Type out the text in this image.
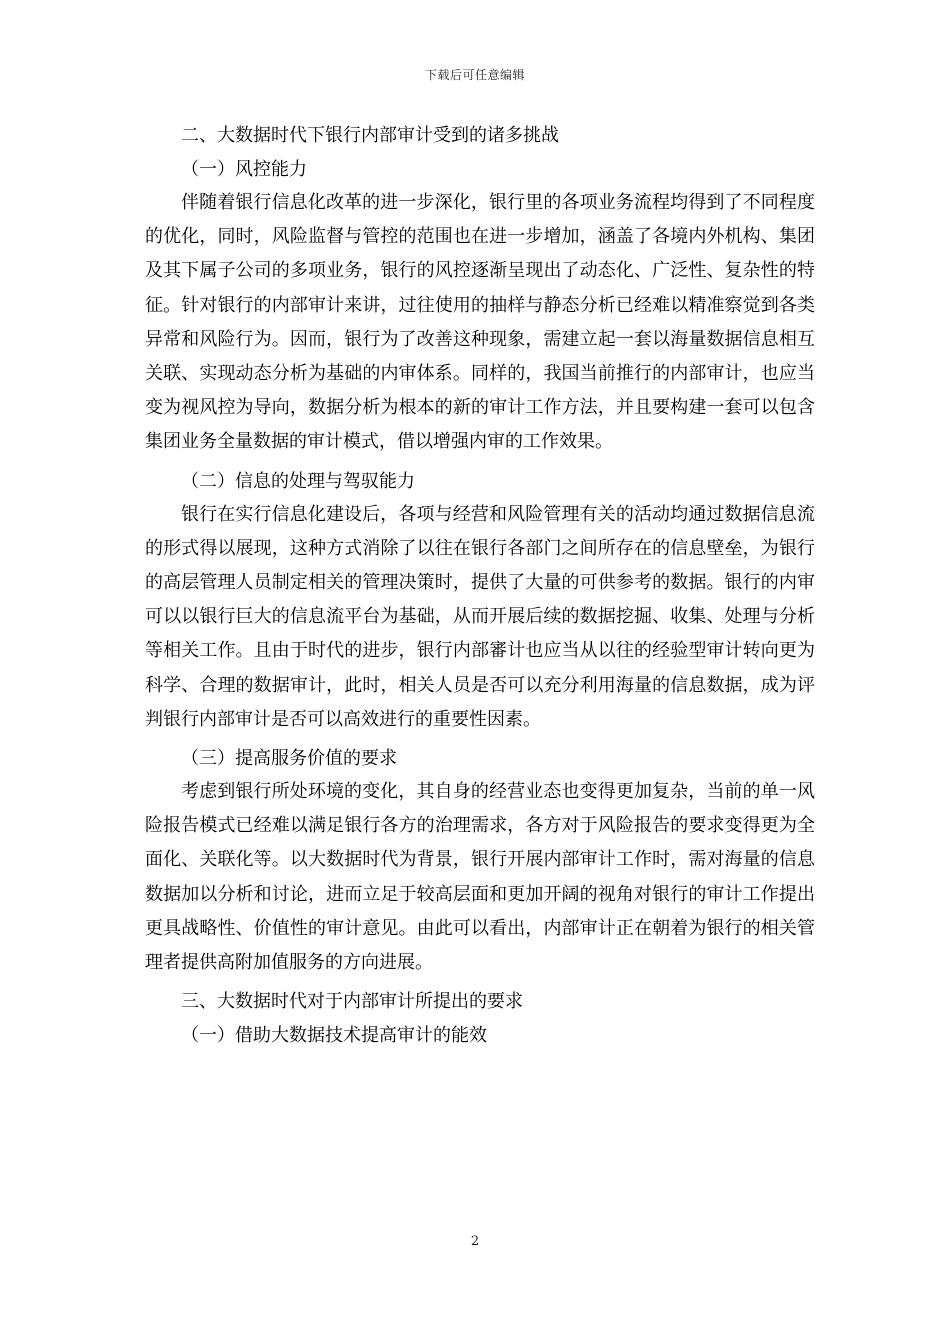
下载后可任意编辑
二、大数据时代下银行内部审计受到的诸多挑战
（一）风控能力

伴随着银行信息化改革的进一步深化，银行里的各项业务流程均得到了不同程度的优化，同时，风险监督与管控的范围也在进一步增加，涵盖了各境内外机构、集团及其下属子公司的多项业务，银行的风控逐渐呈现出了动态化、广泛性、复杂性的特征。针对银行的内部审计来讲，过往使用的抽样与静态分析已经难以精准察觉到各类异常和风险行为。因而，银行为了改善这种现象，需建立起一套以海量数据信息相互关联、实现动态分析为基础的内审体系。同样的，我国当前推行的内部审计，也应当变为视风控为导向，数据分析为根本的新的审计工作方法，并且要构建一套可以包含集团业务全量数据的审计模式，借以增强内审的工作效果。

（二）信息的处理与驾驭能力

银行在实行信息化建设后，各项与经营和风险管理有关的活动均通过数据信息流的形式得以展现，这种方式消除了以往在银行各部门之间所存在的信息壁垒，为银行的高层管理人员制定相关的管理决策时，提供了大量的可供参考的数据。银行的内审可以以银行巨大的信息流平台为基础，从而开展后续的数据挖掘、收集、处理与分析等相关工作。且由于时代的进步，银行内部審计也应当从以往的经验型审计转向更为科学、合理的数据审计，此时，相关人员是否可以充分利用海量的信息数据，成为评判银行内部审计是否可以高效进行的重要性因素。

（三）提高服务价值的要求

考虑到银行所处环境的变化，其自身的经营业态也变得更加复杂，当前的单一风险报告模式已经难以满足银行各方的治理需求，各方对于风险报告的要求变得更为全面化、关联化等。以大数据时代为背景，银行开展内部审计工作时，需对海量的信息数据加以分析和讨论，进而立足于较高层面和更加开阔的视角对银行的审计工作提出更具战略性、价值性的审计意见。由此可以看出，内部审计正在朝着为银行的相关管理者提供高附加值服务的方向进展。

三、大数据时代对于内部审计所提出的要求
（一）借助大数据技术提高审计的能效
2
